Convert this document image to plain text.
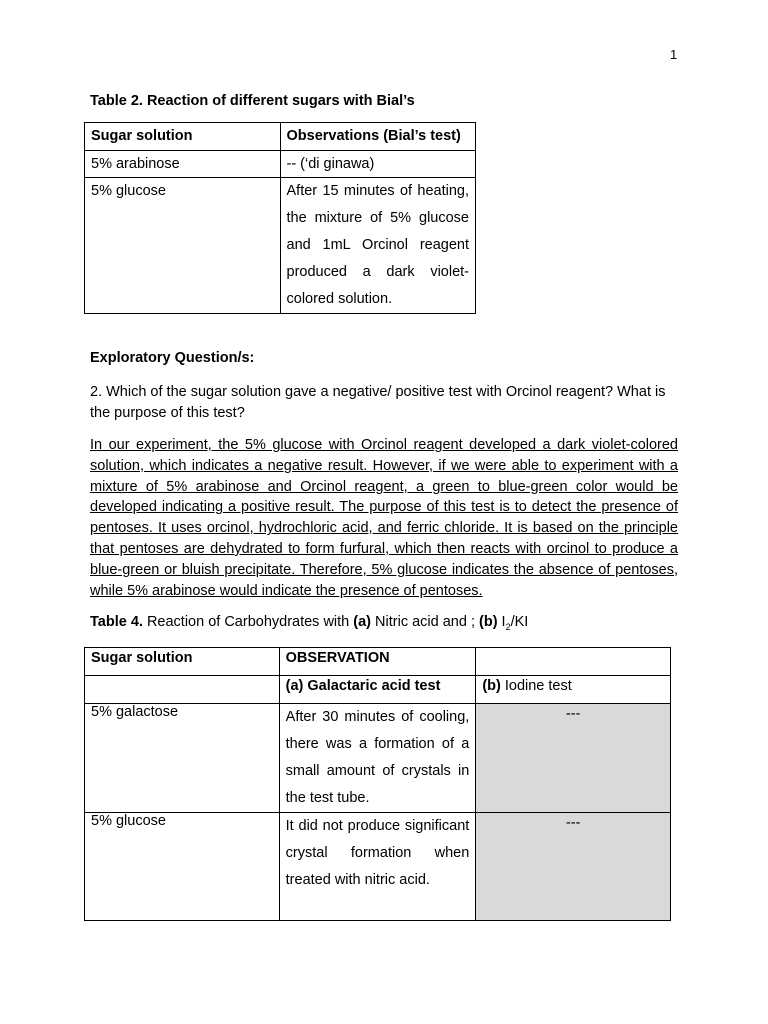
1
Table 2. Reaction of different sugars with Bial’s
Sugar solution	Observations (Bial’s test)
5% arabinose	-- (‘di ginawa)
5% glucose	After 15 minutes of heating, the mixture of 5% glucose and 1mL Orcinol reagent produced a dark violet-colored solution.
Exploratory Question/s:
2. Which of the sugar solution gave a negative/ positive test with Orcinol reagent? What is the purpose of this test?
In our experiment, the 5% glucose with Orcinol reagent developed a dark violet-colored solution, which indicates a negative result. However, if we were able to experiment with a mixture of 5% arabinose and Orcinol reagent, a green to blue-green color would be developed indicating a positive result. The purpose of this test is to detect the presence of pentoses. It uses orcinol, hydrochloric acid, and ferric chloride. It is based on the principle that pentoses are dehydrated to form furfural, which then reacts with orcinol to produce a blue-green or bluish precipitate. Therefore, 5% glucose indicates the absence of pentoses, while 5% arabinose would indicate the presence of pentoses.
Table 4. Reaction of Carbohydrates with (a) Nitric acid and ; (b) $I_2/KI$
Sugar solution	OBSERVATION	
	(a) Galactaric acid test	(b) Iodine test
5% galactose	After 30 minutes of cooling, there was a formation of a small amount of crystals in the test tube.	---
5% glucose	It did not produce significant crystal formation when treated with nitric acid.	---
